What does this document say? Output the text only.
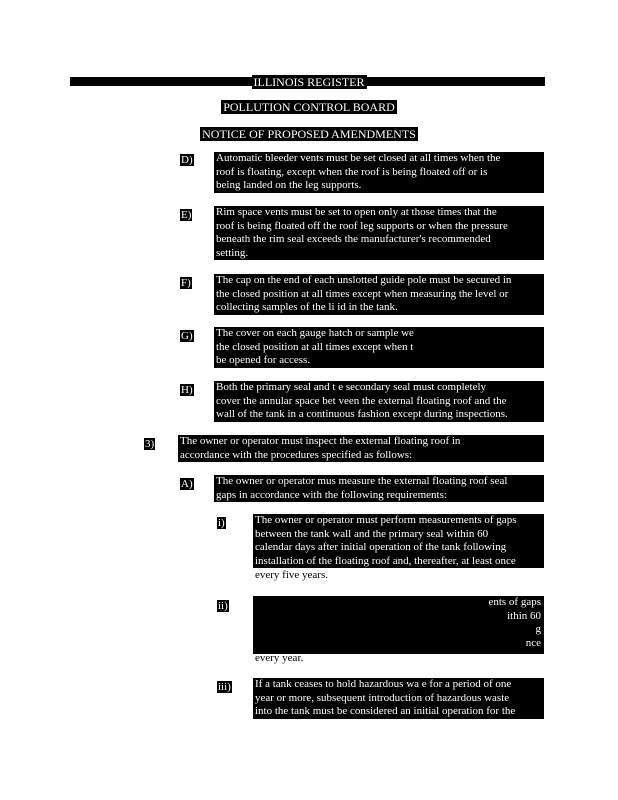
ILLINOIS REGISTER
POLLUTION CONTROL BOARD
NOTICE OF PROPOSED AMENDMENTS
D) Automatic bleeder vents must be set closed at all times when the

roof is floating, except when the roof is being floated off or is

being landed on the leg supports.

E) Rim space vents must be set to open only at those times that the

roof is being floated off the roof leg supports or when the pressure

beneath the rim seal exceeds the manufacturer's recommended

setting.

F) The cap on the end of each unslotted guide pole must be secured in

the closed position at all times except when measuring the level or

collecting samples of the li id in the tank.

G) The cover on each gauge hatch or sample we

the closed position at all times except when t

be opened for access.

H) Both the primary seal and t e secondary seal must completely

cover the annular space bet veen the external floating roof and the

wall of the tank in a continuous fashion except during inspections.

3) The owner or operator must inspect the external floating roof in

accordance with the procedures specified as follows:

A) The owner or operator mus measure the external floating roof seal

gaps in accordance with the following requirements:

i)	The owner or operator must perform measurements of gaps

between the tank wall and the primary seal within 60

calendar days after initial operation of the tank following

installation of the floating roof and, thereafter, at least once

every five years.
ii)	ents of gaps

ithin 60

g

nce

every year.
iii) If a tank ceases to hold hazardous wa e for a period of one

year or more, subsequent introduction of hazardous waste

into the tank must be considered an initial operation for the
